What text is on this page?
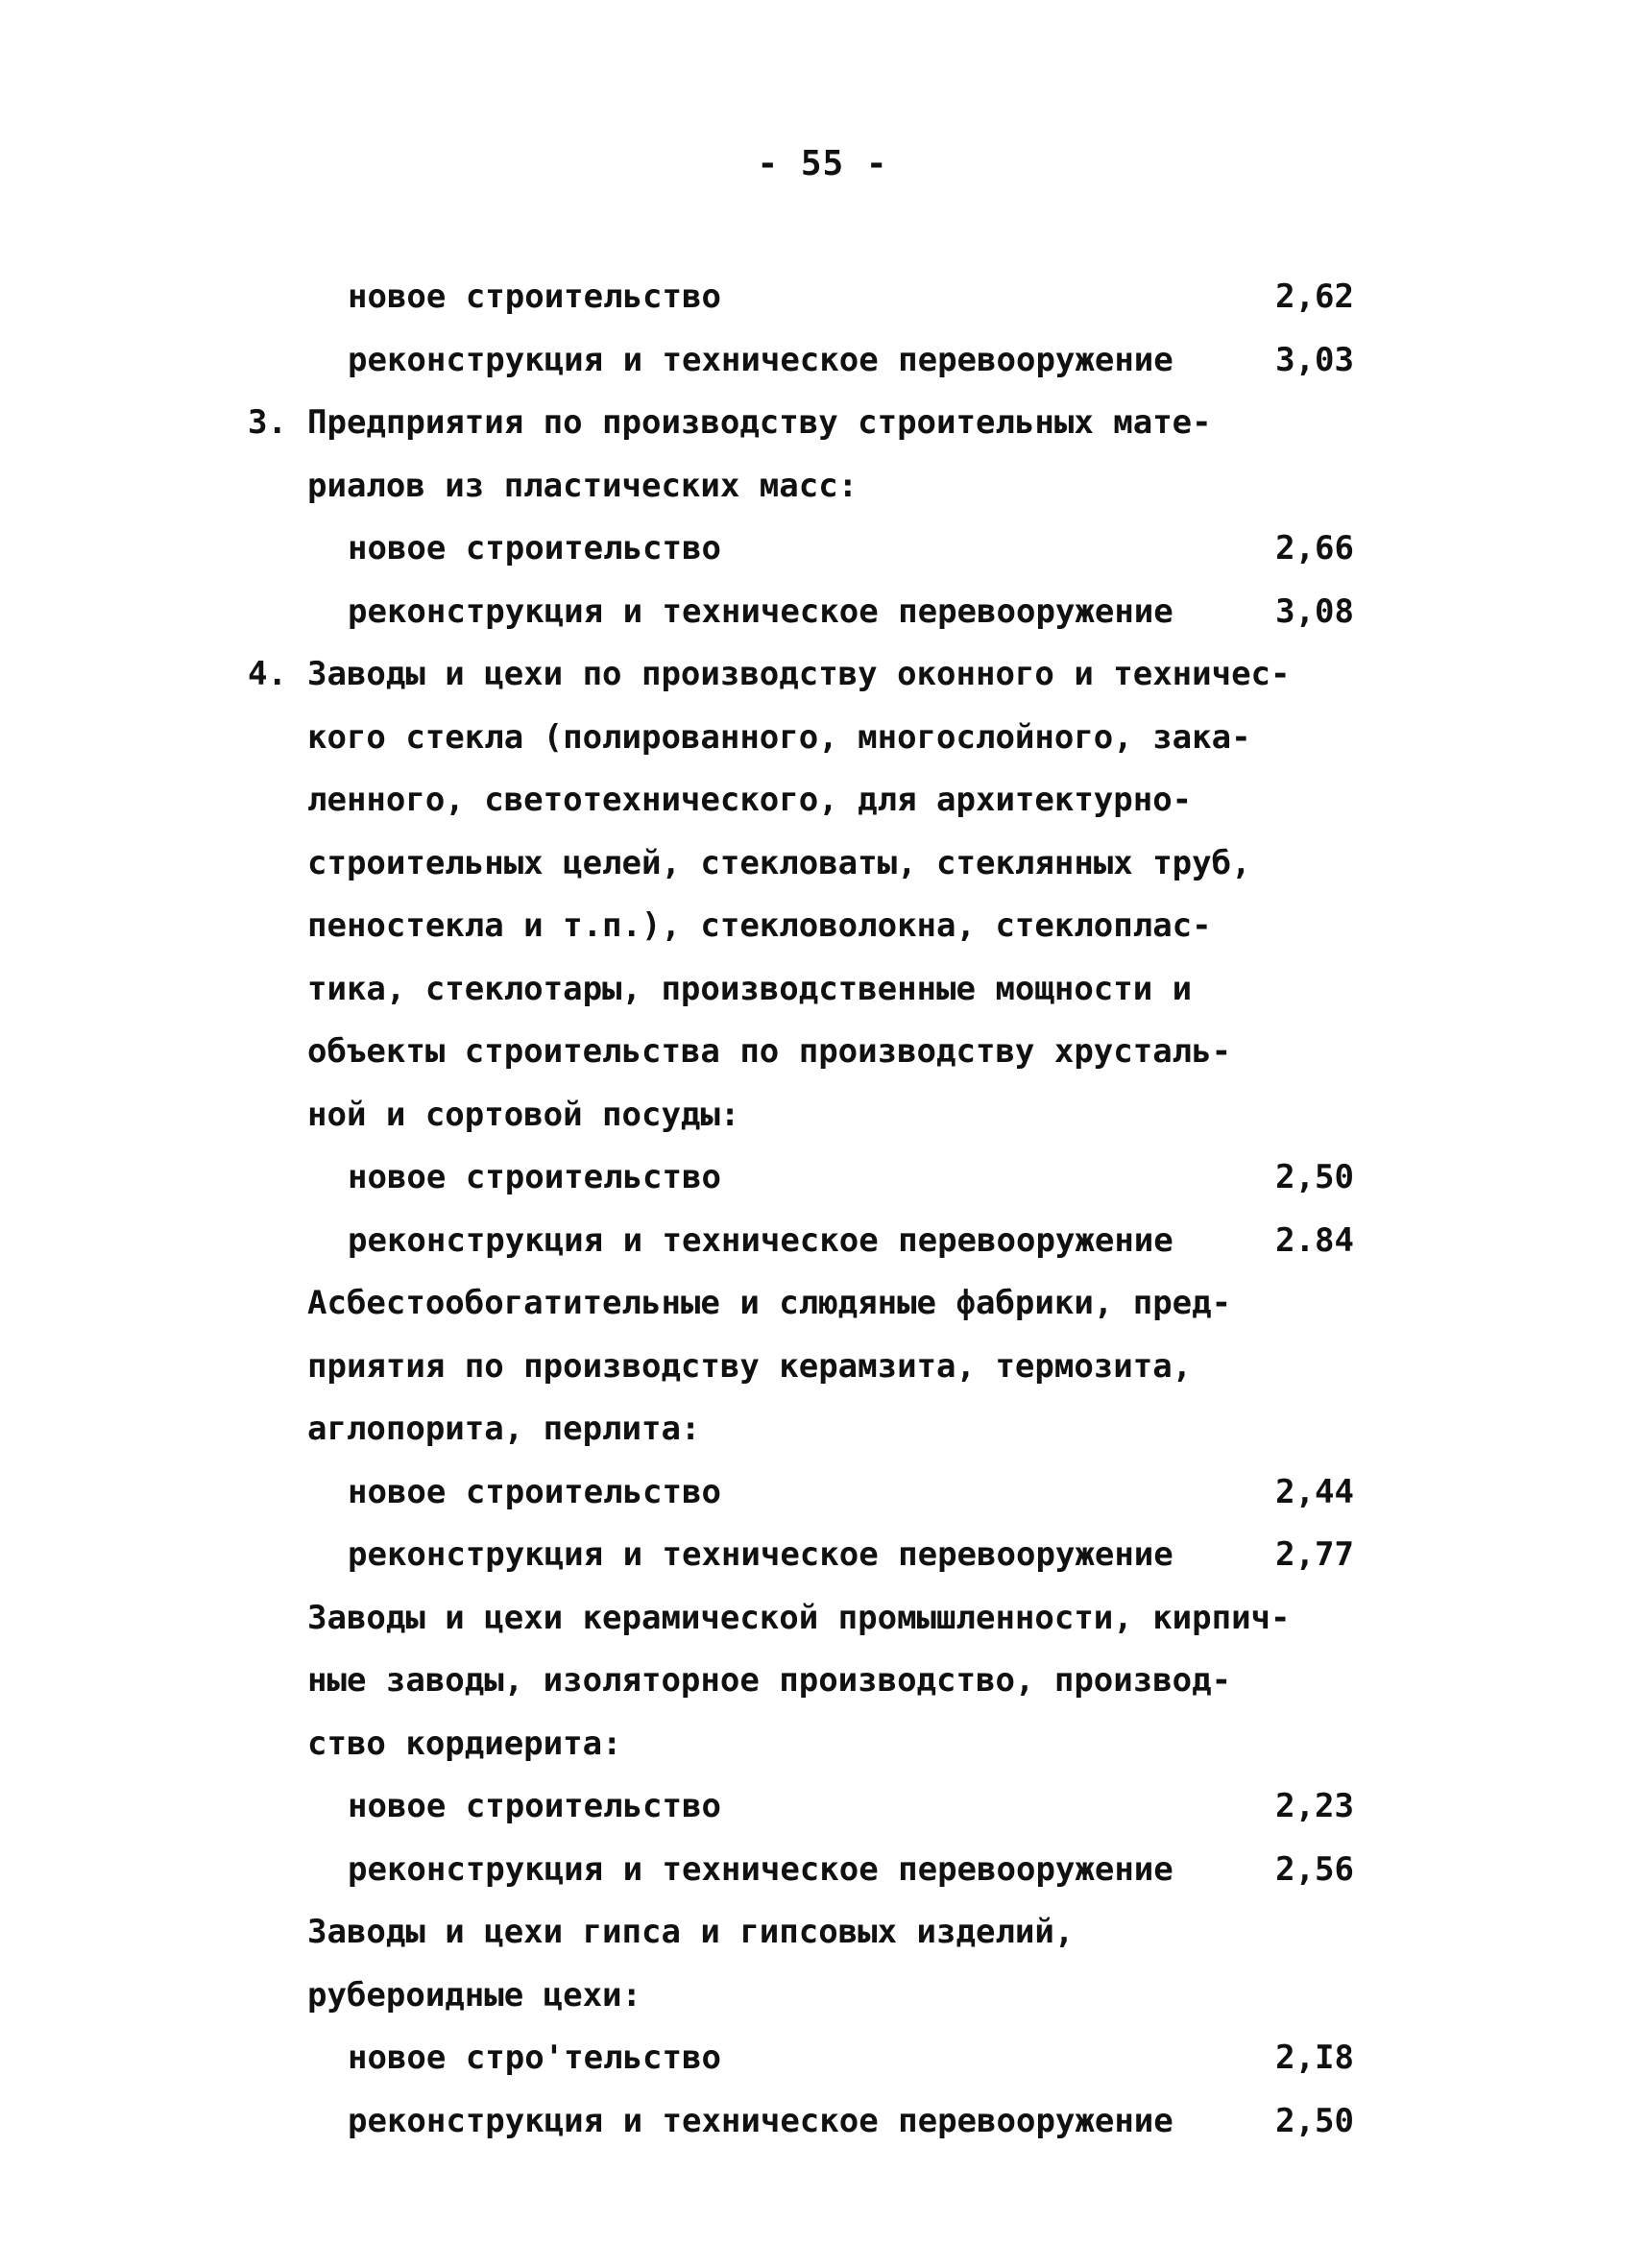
- 55 -
новое строительство	2,62
реконструкция и техническое перевооружение	3,03
3. Предприятия по производству строительных мате-
риалов из пластических масс:
новое строительство	2,66
реконструкция и техническое перевооружение	3,08
4. Заводы и цехи по производству оконного и техничес-
кого стекла (полированного, многослойного, зака-
ленного, светотехнического, для архитектурно-
строительных целей, стекловаты, стеклянных труб,
пеностекла и т.п.), стекловолокна, стеклоплас-
тика, стеклотары, производственные мощности и
объекты строительства по производству хрусталь-
ной и сортовой посуды:
новое строительство	2,50
реконструкция и техническое перевооружение	2.84
Асбестообогатительные и слюдяные фабрики, пред-
приятия по производству керамзита, термозита,
аглопорита, перлита:
новое строительство	2,44
реконструкция и техническое перевооружение	2,77
Заводы и цехи керамической промышленности, кирпич-
ные заводы, изоляторное производство, производ-
ство кордиерита:
новое строительство	2,23
реконструкция и техническое перевооружение	2,56
Заводы и цехи гипса и гипсовых изделий,
рубероидные цехи:
новое стро'тельство	2,I8
реконструкция и техническое перевооружение	2,50
